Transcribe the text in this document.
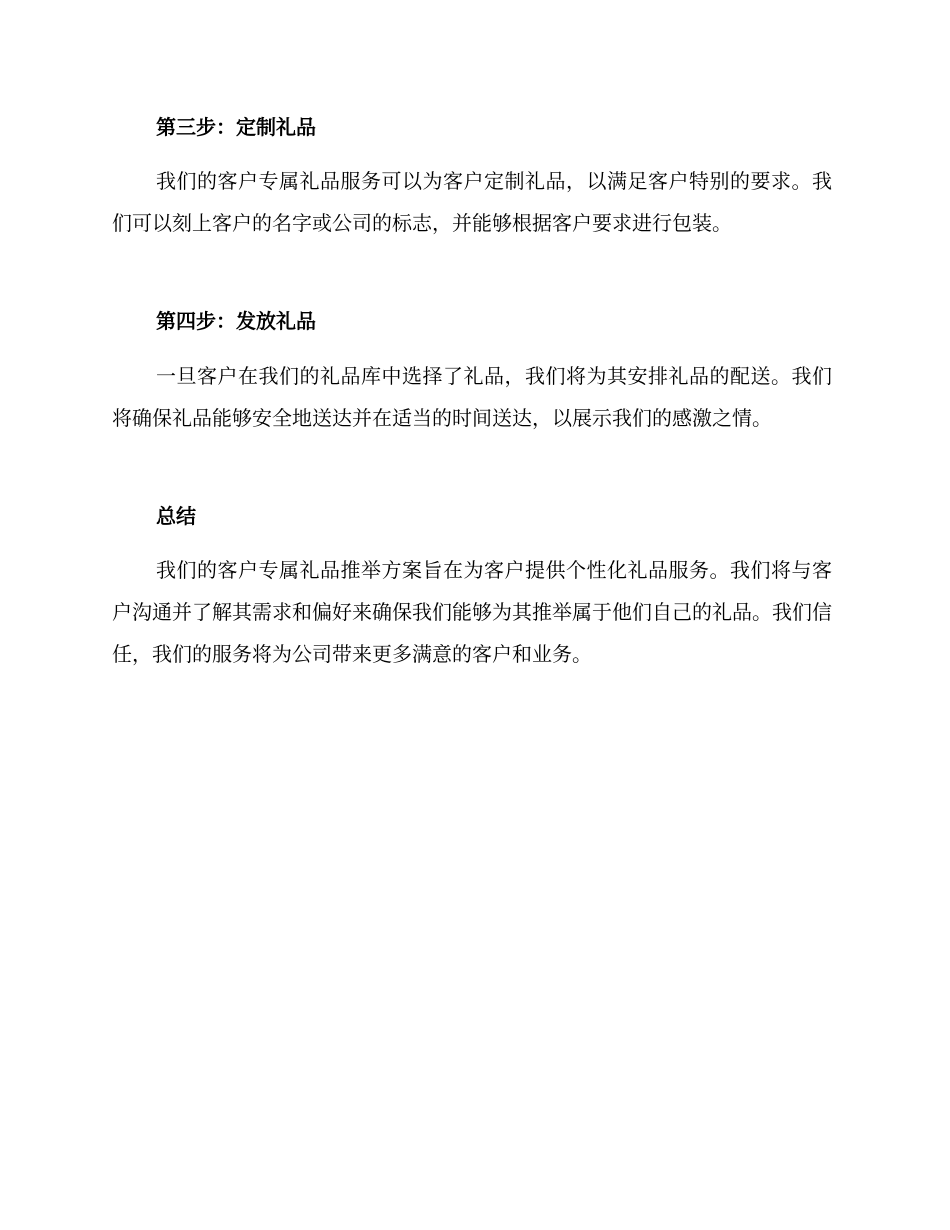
第三步：定制礼品

我们的客户专属礼品服务可以为客户定制礼品，以满足客户特别的要求。我们可以刻上客户的名字或公司的标志，并能够根据客户要求进行包装。

第四步：发放礼品

一旦客户在我们的礼品库中选择了礼品，我们将为其安排礼品的配送。我们将确保礼品能够安全地送达并在适当的时间送达，以展示我们的感激之情。

总结

我们的客户专属礼品推举方案旨在为客户提供个性化礼品服务。我们将与客户沟通并了解其需求和偏好来确保我们能够为其推举属于他们自己的礼品。我们信任，我们的服务将为公司带来更多满意的客户和业务。
